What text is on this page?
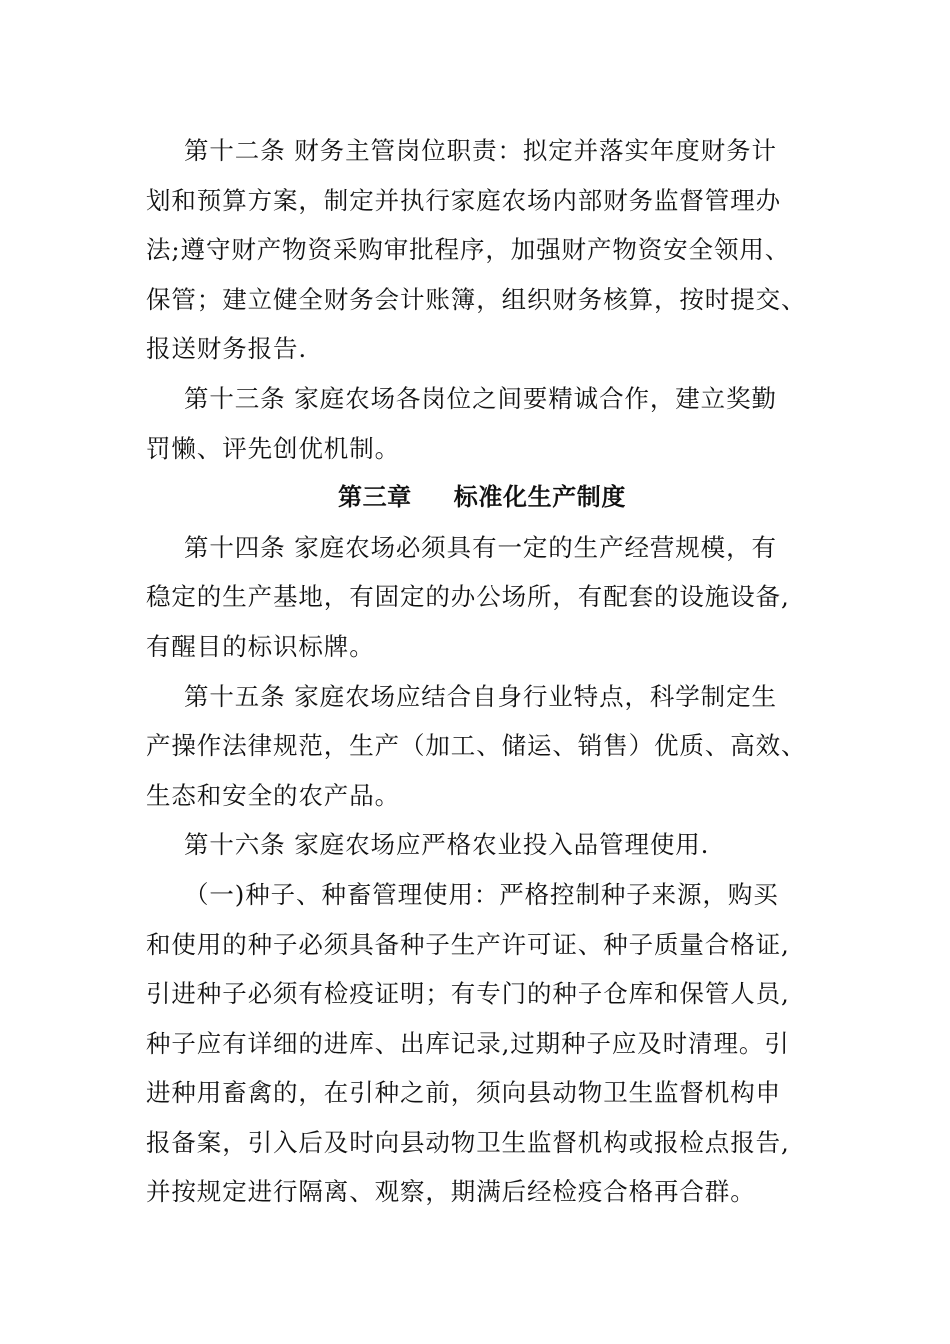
第十二条 财务主管岗位职责：拟定并落实年度财务计
划和预算方案，制定并执行家庭农场内部财务监督管理办
法;遵守财产物资采购审批程序，加强财产物资安全领用、
保管；建立健全财务会计账簿，组织财务核算，按时提交、
报送财务报告.

第十三条 家庭农场各岗位之间要精诚合作，建立奖勤
罚懒、评先创优机制。

第三章 标准化生产制度

第十四条 家庭农场必须具有一定的生产经营规模，有
稳定的生产基地，有固定的办公场所，有配套的设施设备,
有醒目的标识标牌。

第十五条 家庭农场应结合自身行业特点，科学制定生
产操作法律规范，生产（加工、储运、销售）优质、高效、
生态和安全的农产品。

第十六条 家庭农场应严格农业投入品管理使用.

（一)种子、种畜管理使用：严格控制种子来源，购买
和使用的种子必须具备种子生产许可证、种子质量合格证,
引进种子必须有检疫证明；有专门的种子仓库和保管人员,
种子应有详细的进库、出库记录,过期种子应及时清理。引
进种用畜禽的，在引种之前，须向县动物卫生监督机构申
报备案，引入后及时向县动物卫生监督机构或报检点报告,
并按规定进行隔离、观察，期满后经检疫合格再合群。
